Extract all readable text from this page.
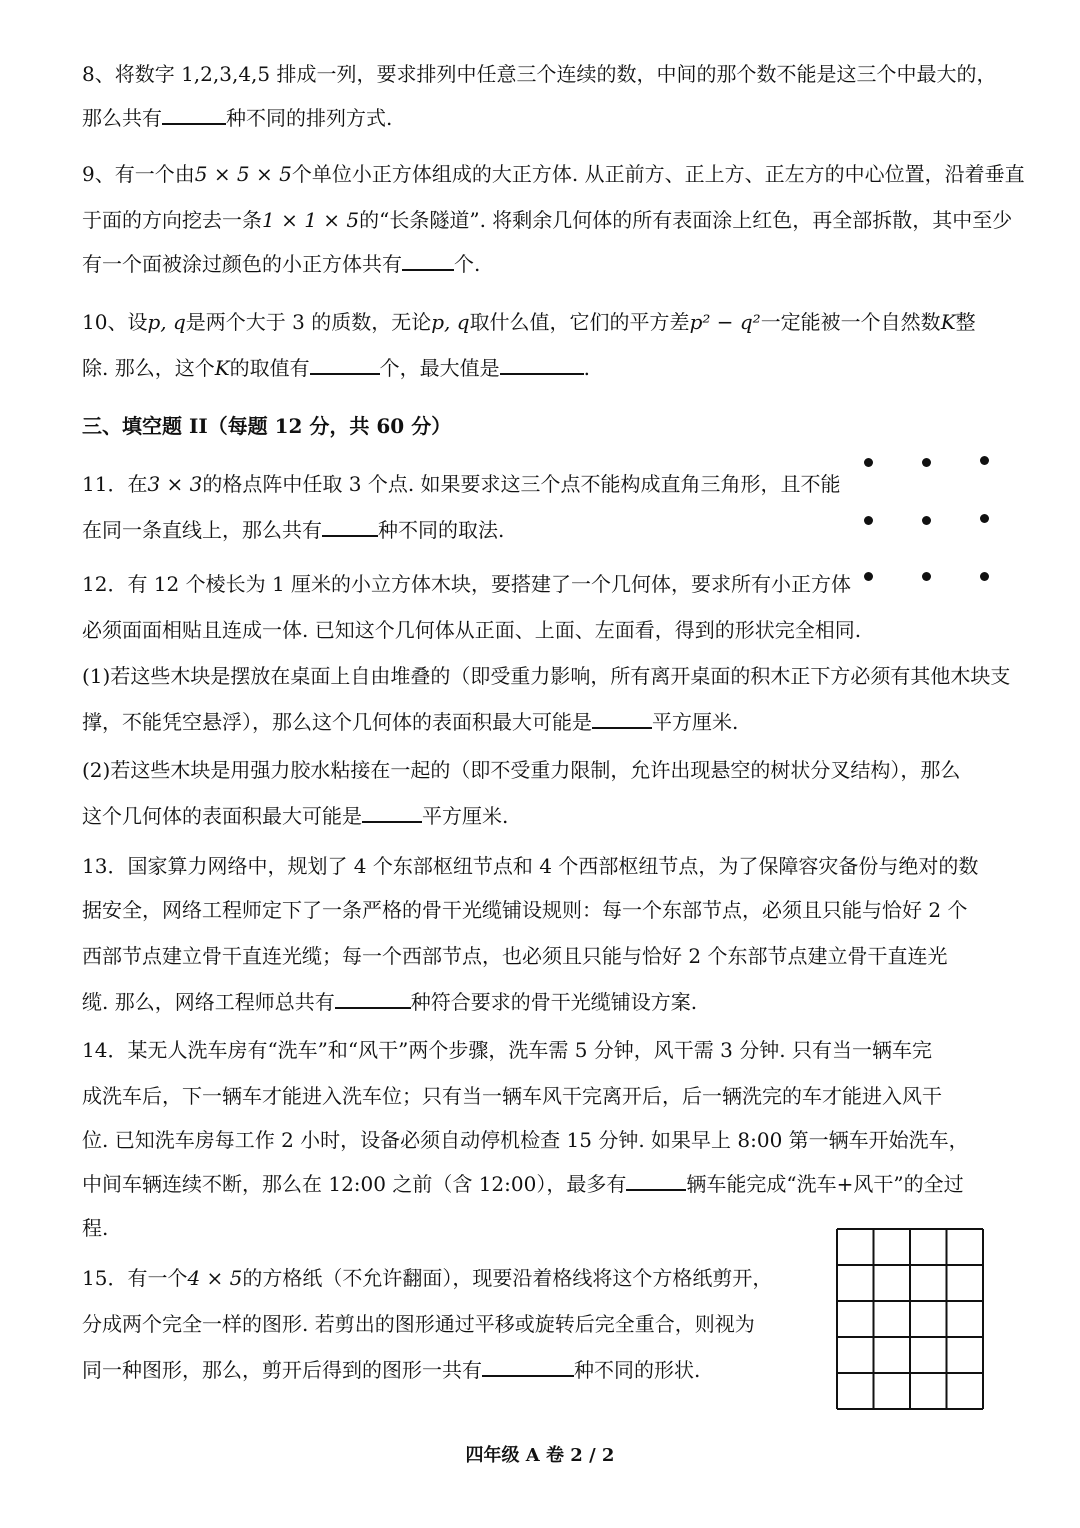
8、将数字 1,2,3,4,5 排成一列，要求排列中任意三个连续的数，中间的那个数不能是这三个中最大的，
那么共有	种不同的排列方式.
9、有一个由5 × 5 × 5个单位小正方体组成的大正方体. 从正前方、正上方、正左方的中心位置，沿着垂直
于面的方向挖去一条1 × 1 × 5的“长条隧道”. 将剩余几何体的所有表面涂上红色，再全部拆散，其中至少
有一个面被涂过颜色的小正方体共有	个.
10、设p, q是两个大于 3 的质数，无论p, q取什么值，它们的平方差p² − q²一定能被一个自然数K整
除. 那么，这个K的取值有	个，最大值是	.
三、填空题 II（每题 12 分，共 60 分）
11．在3 × 3的格点阵中任取 3 个点. 如果要求这三个点不能构成直角三角形，且不能
在同一条直线上，那么共有	种不同的取法.
12．有 12 个棱长为 1 厘米的小立方体木块，要搭建了一个几何体，要求所有小正方体
必须面面相贴且连成一体. 已知这个几何体从正面、上面、左面看，得到的形状完全相同.
(1)若这些木块是摆放在桌面上自由堆叠的（即受重力影响，所有离开桌面的积木正下方必须有其他木块支
撑，不能凭空悬浮），那么这个几何体的表面积最大可能是	平方厘米.
(2)若这些木块是用强力胶水粘接在一起的（即不受重力限制，允许出现悬空的树状分叉结构），那么
这个几何体的表面积最大可能是	平方厘米.
13．国家算力网络中，规划了 4 个东部枢纽节点和 4 个西部枢纽节点，为了保障容灾备份与绝对的数
据安全，网络工程师定下了一条严格的骨干光缆铺设规则：每一个东部节点，必须且只能与恰好 2 个
西部节点建立骨干直连光缆；每一个西部节点，也必须且只能与恰好 2 个东部节点建立骨干直连光
缆. 那么，网络工程师总共有	种符合要求的骨干光缆铺设方案.
14．某无人洗车房有“洗车”和“风干”两个步骤，洗车需 5 分钟，风干需 3 分钟. 只有当一辆车完
成洗车后，下一辆车才能进入洗车位；只有当一辆车风干完离开后，后一辆洗完的车才能进入风干
位. 已知洗车房每工作 2 小时，设备必须自动停机检查 15 分钟. 如果早上 8:00 第一辆车开始洗车，
中间车辆连续不断，那么在 12:00 之前（含 12:00），最多有	辆车能完成“洗车+风干”的全过
程.
15．有一个4 × 5的方格纸（不允许翻面），现要沿着格线将这个方格纸剪开，
分成两个完全一样的图形. 若剪出的图形通过平移或旋转后完全重合，则视为
同一种图形，那么，剪开后得到的图形一共有	种不同的形状.
四年级 A 卷 2 / 2
